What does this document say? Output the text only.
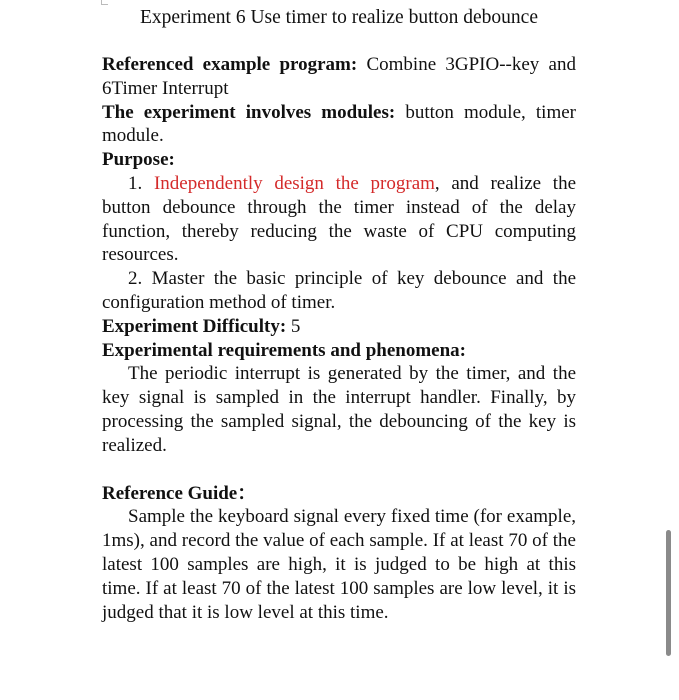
Experiment 6 Use timer to realize button debounce

Referenced example program: Combine 3GPIO--key and 6Timer Interrupt

The experiment involves modules: button module, timer module.

Purpose:

1. Independently design the program, and realize the button debounce through the timer instead of the delay function, thereby reducing the waste of CPU computing resources.

2. Master the basic principle of key debounce and the configuration method of timer.

Experiment Difficulty: 5

Experimental requirements and phenomena:

The periodic interrupt is generated by the timer, and the key signal is sampled in the interrupt handler. Finally, by processing the sampled signal, the debouncing of the key is realized.

Reference Guide：

Sample the keyboard signal every fixed time (for example, 1ms), and record the value of each sample. If at least 70 of the latest 100 samples are high, it is judged to be high at this time. If at least 70 of the latest 100 samples are low level, it is judged that it is low level at this time.
